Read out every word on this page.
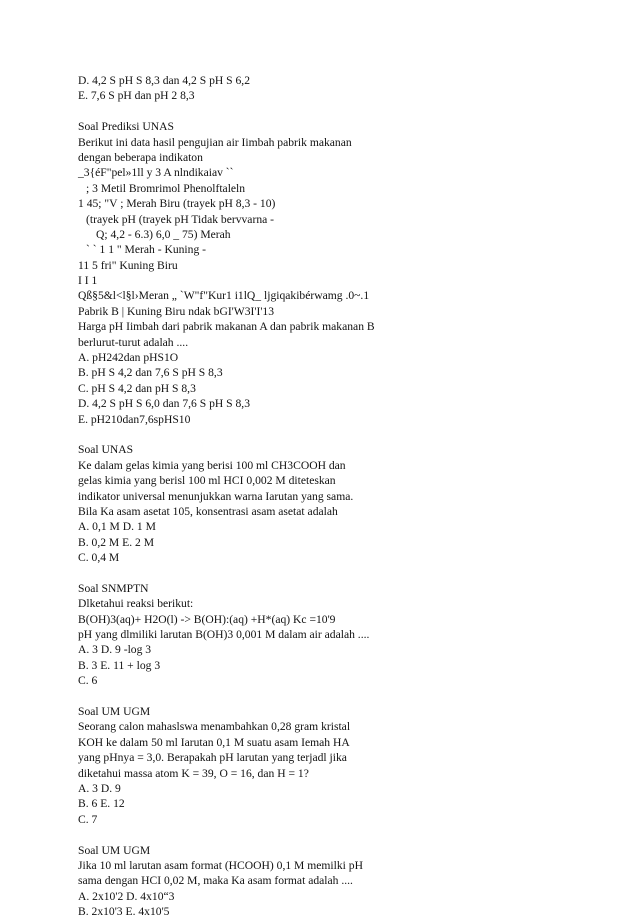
D. 4,2 S pH S 8,3 dan 4,2 S pH S 6,2
E. 7,6 S pH dan pH 2 8,3
Soal Prediksi UNAS
Berikut ini data hasil pengujian air Iimbah pabrik makanan
dengan beberapa indikaton
_3{éF"pel»1ll y 3 A nlndikaiav ``
; 3 Metil Bromrimol Phenolftaleln
1 45; "V ; Merah Biru (trayek pH 8,3 - 10)
(trayek pH (trayek pH Tidak bervvarna -
Q; 4,2 - 6.3) 6,0 _ 75) Merah
` ` 1 1 " Merah - Kuning -
11 5 fri" Kuning Biru
I I 1
Qß§5&l<l§l›Meran „ `W"f"Kur1 i1lQ_ ljgiqakibérwamg .0~.1
Pabrik B | Kuning Biru ndak bGI'W3I'I'13
Harga pH Iimbah dari pabrik makanan A dan pabrik makanan B
berlurut-turut adalah ....
A. pH242dan pHS1O
B. pH S 4,2 dan 7,6 S pH S 8,3
C. pH S 4,2 dan pH S 8,3
D. 4,2 S pH S 6,0 dan 7,6 S pH S 8,3
E. pH210dan7,6spHS10
Soal UNAS
Ke dalam gelas kimia yang berisi 100 ml CH3COOH dan
gelas kimia yang berisl 100 ml HCI 0,002 M diteteskan
indikator universal menunjukkan warna Iarutan yang sama.
Bila Ka asam asetat 105, konsentrasi asam asetat adalah
A. 0,1 M D. 1 M
B. 0,2 M E. 2 M
C. 0,4 M
Soal SNMPTN
Dlketahui reaksi berikut:
B(OH)3(aq)+ H2O(l) -> B(OH):(aq) +H*(aq) Kc =10'9
pH yang dlmiliki larutan B(OH)3 0,001 M dalam air adalah ....
A. 3 D. 9 -log 3
B. 3 E. 11 + log 3
C. 6
Soal UM UGM
Seorang calon mahaslswa menambahkan 0,28 gram kristal
KOH ke dalam 50 ml Iarutan 0,1 M suatu asam Iemah HA
yang pHnya = 3,0. Berapakah pH larutan yang terjadl jika
diketahui massa atom K = 39, O = 16, dan H = 1?
A. 3 D. 9
B. 6 E. 12
C. 7
Soal UM UGM
Jika 10 ml larutan asam format (HCOOH) 0,1 M memilki pH
sama dengan HCI 0,02 M, maka Ka asam format adalah ....
A. 2x10'2 D. 4x10“3
B. 2x10'3 E. 4x10'5
